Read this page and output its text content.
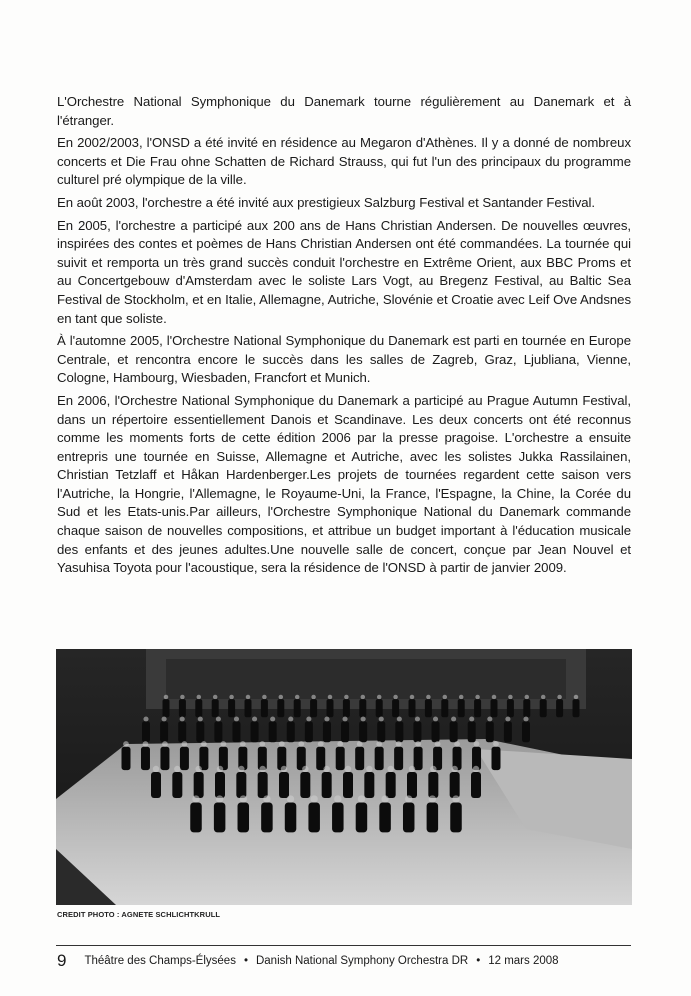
L'Orchestre National Symphonique du Danemark tourne régulièrement au Danemark et à l'étranger.

En 2002/2003, l'ONSD a été invité en résidence au Megaron d'Athènes. Il y a donné de nombreux concerts et Die Frau ohne Schatten de Richard Strauss, qui fut l'un des principaux du programme culturel pré olympique de la ville.

En août 2003, l'orchestre a été invité aux prestigieux Salzburg Festival et Santander Festival.

En 2005, l'orchestre a participé aux 200 ans de Hans Christian Andersen. De nouvelles œuvres, inspirées des contes et poèmes de Hans Christian Andersen ont été commandées. La tournée qui suivit et remporta un très grand succès conduit l'orchestre en Extrême Orient, aux BBC Proms et au Concertgebouw d'Amsterdam avec le soliste Lars Vogt, au Bregenz Festival, au Baltic Sea Festival de Stockholm, et en Italie, Allemagne, Autriche, Slovénie et Croatie avec Leif Ove Andsnes en tant que soliste.

À l'automne 2005, l'Orchestre National Symphonique du Danemark est parti en tournée en Europe Centrale, et rencontra encore le succès dans les salles de Zagreb, Graz, Ljubliana, Vienne, Cologne, Hambourg, Wiesbaden, Francfort et Munich.

En 2006, l'Orchestre National Symphonique du Danemark a participé au Prague Autumn Festival, dans un répertoire essentiellement Danois et Scandinave. Les deux concerts ont été reconnus comme les moments forts de cette édition 2006 par la presse pragoise. L'orchestre a ensuite entrepris une tournée en Suisse, Allemagne et Autriche, avec les solistes Jukka Rassilainen, Christian Tetzlaff et Håkan Hardenberger.Les projets de tournées regardent cette saison vers l'Autriche, la Hongrie, l'Allemagne, le Royaume-Uni, la France, l'Espagne, la Chine, la Corée du Sud et les Etats-unis.Par ailleurs, l'Orchestre Symphonique National du Danemark commande chaque saison de nouvelles compositions, et attribue un budget important à l'éducation musicale des enfants et des jeunes adultes.Une nouvelle salle de concert, conçue par Jean Nouvel et Yasuhisa Toyota pour l'acoustique, sera la résidence de l'ONSD à partir de janvier 2009.

CREDIT PHOTO : AGNETE SCHLICHTKRULL
9 Théâtre des Champs-Élysées • Danish National Symphony Orchestra DR • 12 mars 2008
